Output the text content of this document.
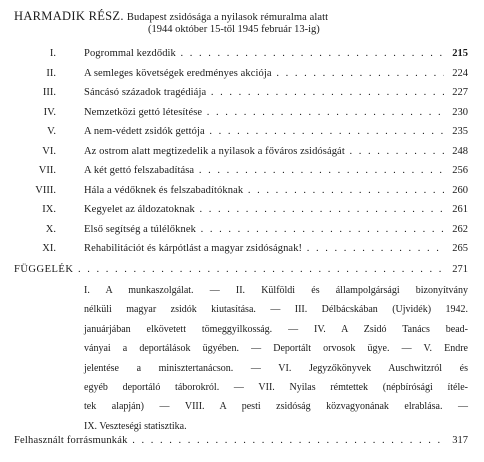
HARMADIK RÉSZ. Budapest zsidósága a nyilasok rémuralma alatt
(1944 október 15-től 1945 február 13-ig)
I.	Pogrommal kezdődik . . .	215
II.	A semleges követségek eredményes akciója . . .	224
III.	Sáncásó századok tragédiája . . .	227
IV.	Nemzetközi gettó létesítése . . .	230
V.	A nem-védett zsidók gettója . . .	235
VI.	Az ostrom alatt megtizedelik a nyilasok a főváros zsidóságát . . .	248
VII.	A két gettó felszabadítása . . .	256
VIII.	Hála a védőknek és felszabadítóknak . . .	260
IX.	Kegyelet az áldozatoknak . . .	261
X.	Első segítség a túlélőknek . . .	262
XI.	Rehabilitációt és kárpótlást a magyar zsidóságnak! . . .	265
FÜGGELÉK . . .	271
I. A munkaszolgálat. — II. Külföldi és állampolgársági bizonyítvány
nélküli magyar zsidók kiutasítása. — III. Délbácskában (Ujvidék) 1942.
januárjában elkövetett tömeggyilkosság. — IV. A Zsidó Tanács bead-
ványai a deportálások ügyében. — Deportált orvosok ügye. — V. Endre
jelentése a minisztertanácson. — VI. Jegyzőkönyvek Auschwitzról és
egyéb deportáló táborokról. — VII. Nyilas rémtettek (népbírósági ítéle-
tek alapján) — VIII. A pesti zsidóság közvagyonának elrablása. —
IX. Veszteségi statisztika.
Felhasznált forrásmunkák . . .	317
